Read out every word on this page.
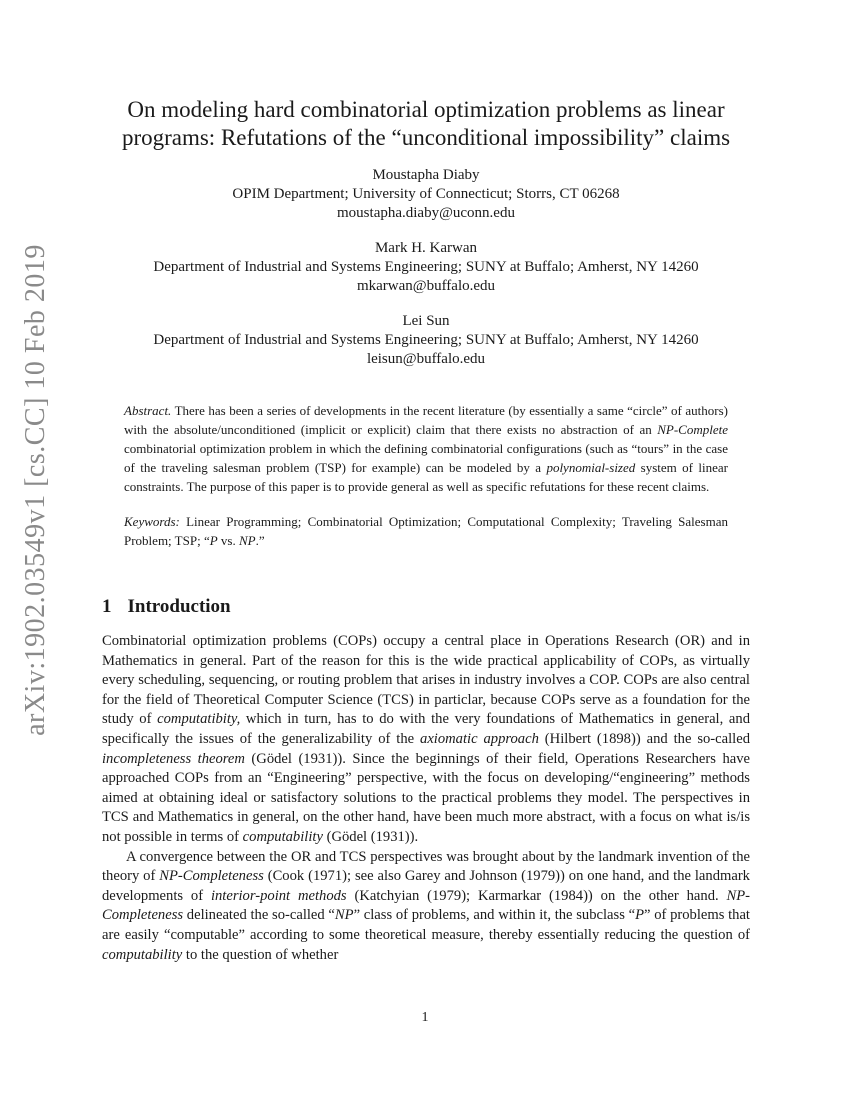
arXiv:1902.03549v1 [cs.CC] 10 Feb 2019
On modeling hard combinatorial optimization problems as linear programs: Refutations of the “unconditional impossibility” claims
Moustapha Diaby
OPIM Department; University of Connecticut; Storrs, CT 06268
moustapha.diaby@uconn.edu
Mark H. Karwan
Department of Industrial and Systems Engineering; SUNY at Buffalo; Amherst, NY 14260
mkarwan@buffalo.edu
Lei Sun
Department of Industrial and Systems Engineering; SUNY at Buffalo; Amherst, NY 14260
leisun@buffalo.edu
Abstract. There has been a series of developments in the recent literature (by essentially a same “circle” of authors) with the absolute/unconditioned (implicit or explicit) claim that there exists no abstraction of an NP-Complete combinatorial optimization problem in which the defining combinatorial configurations (such as “tours” in the case of the traveling salesman problem (TSP) for example) can be modeled by a polynomial-sized system of linear constraints. The purpose of this paper is to provide general as well as specific refutations for these recent claims.
Keywords: Linear Programming; Combinatorial Optimization; Computational Complexity; Traveling Salesman Problem; TSP; “P vs. NP.”
1 Introduction

Combinatorial optimization problems (COPs) occupy a central place in Operations Research (OR) and in Mathematics in general. Part of the reason for this is the wide practical applicability of COPs, as virtually every scheduling, sequencing, or routing problem that arises in industry involves a COP. COPs are also central for the field of Theoretical Computer Science (TCS) in particlar, because COPs serve as a foundation for the study of computatibity, which in turn, has to do with the very foundations of Mathematics in general, and specifically the issues of the generalizability of the axiomatic approach (Hilbert (1898)) and the so-called incompleteness theorem (Gödel (1931)). Since the beginnings of their field, Operations Researchers have approached COPs from an “Engineering” perspective, with the focus on developing/“engineering” methods aimed at obtaining ideal or satisfactory solutions to the practical problems they model. The perspectives in TCS and Mathematics in general, on the other hand, have been much more abstract, with a focus on what is/is not possible in terms of computability (Gödel (1931)).

A convergence between the OR and TCS perspectives was brought about by the landmark invention of the theory of NP-Completeness (Cook (1971); see also Garey and Johnson (1979)) on one hand, and the landmark developments of interior-point methods (Katchyian (1979); Karmarkar (1984)) on the other hand. NP-Completeness delineated the so-called “NP” class of problems, and within it, the subclass “P” of problems that are easily “computable” according to some theoretical measure, thereby essentially reducing the question of computability to the question of whether

1
